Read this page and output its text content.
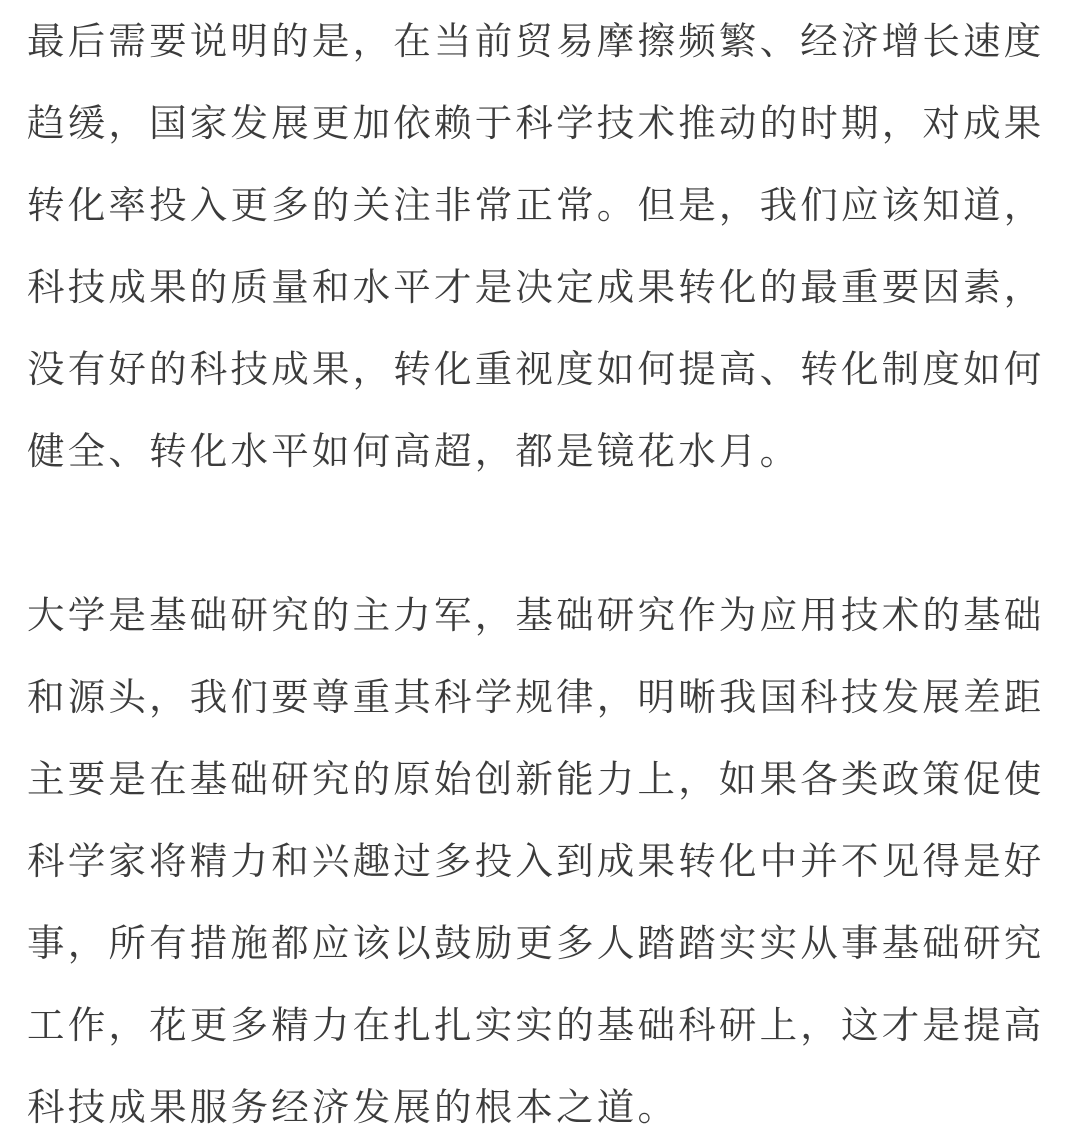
最后需要说明的是，在当前贸易摩擦频繁、经济增长速度
趋缓，国家发展更加依赖于科学技术推动的时期，对成果
转化率投入更多的关注非常正常。但是，我们应该知道，
科技成果的质量和水平才是决定成果转化的最重要因素，
没有好的科技成果，转化重视度如何提高、转化制度如何
健全、转化水平如何高超，都是镜花水月。
大学是基础研究的主力军，基础研究作为应用技术的基础
和源头，我们要尊重其科学规律，明晰我国科技发展差距
主要是在基础研究的原始创新能力上，如果各类政策促使
科学家将精力和兴趣过多投入到成果转化中并不见得是好
事，所有措施都应该以鼓励更多人踏踏实实从事基础研究
工作，花更多精力在扎扎实实的基础科研上，这才是提高
科技成果服务经济发展的根本之道。
